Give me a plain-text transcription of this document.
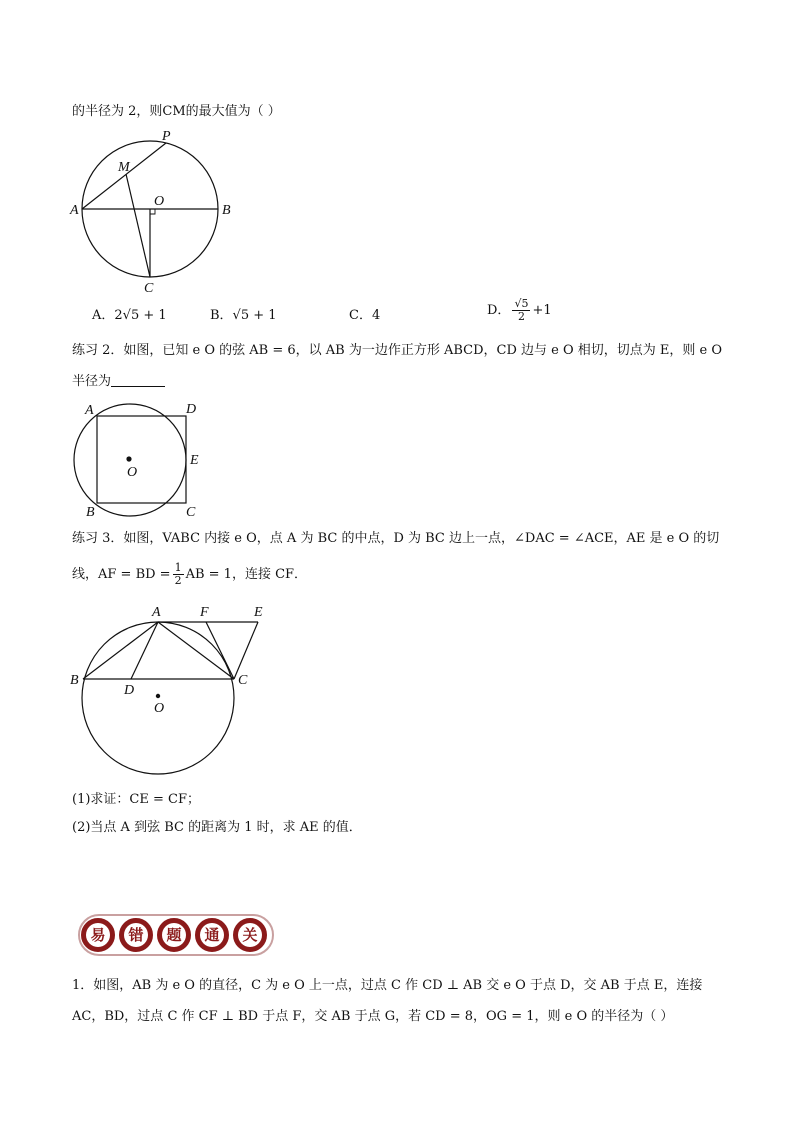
的半径为 2，则CM的最大值为（ ）
P
M
O
A	B
C
A．2√5 + 1	B．√5 + 1	C．4	D． $\frac{√5}{2} +1$
练习 2．如图，已知 e O 的弦 AB = 6，以 AB 为一边作正方形 ABCD，CD 边与 e O 相切，切点为 E，则 e O
半径为
A	D
O
E
B	C
练习 3．如图，VABC 内接 e O，点 A 为 BC 的中点，D 为 BC 边上一点，∠DAC = ∠ACE，AE 是 e O 的切
线，AF = BD = $\frac{1}{2}$ AB = 1，连接 CF．
A	F	E
B
D
C
O
(1)求证：CE = CF；
(2)当点 A 到弦 BC 的距离为 1 时，求 AE 的值．
易	错	题	通	关
1．如图，AB 为 e O 的直径，C 为 e O 上一点，过点 C 作 CD ⊥ AB 交 e O 于点 D，交 AB 于点 E，连接
AC，BD，过点 C 作 CF ⊥ BD 于点 F，交 AB 于点 G，若 CD = 8，OG = 1，则 e O 的半径为（ ）
